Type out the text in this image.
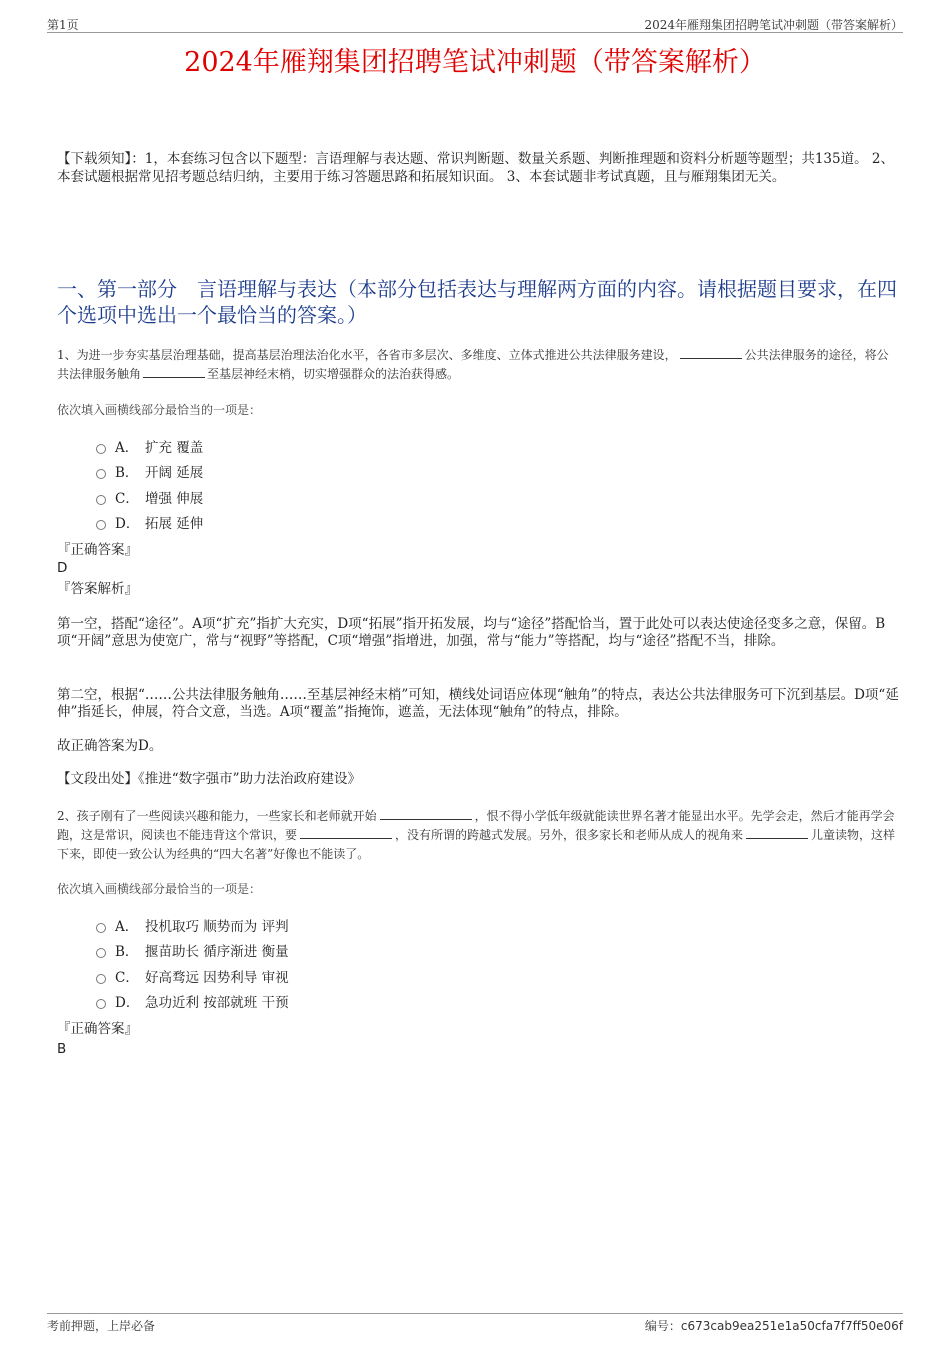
第1页	2024年雁翔集团招聘笔试冲刺题（带答案解析）
2024年雁翔集团招聘笔试冲刺题（带答案解析）
【下载须知】：1，本套练习包含以下题型：言语理解与表达题、常识判断题、数量关系题、判断推理题和资料分析题等题型；共135道。 2、本套试题根据常见招考题总结归纳，主要用于练习答题思路和拓展知识面。 3、本套试题非考试真题，且与雁翔集团无关。
一、第一部分　言语理解与表达（本部分包括表达与理解两方面的内容。请根据题目要求，在四个选项中选出一个最恰当的答案。）
1、为进一步夯实基层治理基础，提高基层治理法治化水平，各省市多层次、多维度、立体式推进公共法律服务建设，	公共法律服务的途径，将公共法律服务触角	至基层神经末梢，切实增强群众的法治获得感。
依次填入画横线部分最恰当的一项是：
A． 扩充 覆盖
B． 开阔 延展
C． 增强 伸展
D． 拓展 延伸
『正确答案』
D
『答案解析』
第一空，搭配“途径”。A项“扩充”指扩大充实，D项“拓展”指开拓发展，均与“途径”搭配恰当，置于此处可以表达使途径变多之意，保留。B项“开阔”意思为使宽广，常与“视野”等搭配，C项“增强”指增进，加强，常与“能力”等搭配，均与“途径”搭配不当，排除。
第二空，根据“……公共法律服务触角……至基层神经末梢”可知，横线处词语应体现“触角”的特点，表达公共法律服务可下沉到基层。D项“延伸”指延长，伸展，符合文意，当选。A项“覆盖”指掩饰，遮盖，无法体现“触角”的特点，排除。
故正确答案为D。
【文段出处】《推进“数字强市”助力法治政府建设》
2、孩子刚有了一些阅读兴趣和能力，一些家长和老师就开始	，恨不得小学低年级就能读世界名著才能显出水平。先学会走，然后才能再学会跑，这是常识，阅读也不能违背这个常识，要	，没有所谓的跨越式发展。另外，很多家长和老师从成人的视角来	儿童读物，这样下来，即使一致公认为经典的“四大名著”好像也不能读了。
依次填入画横线部分最恰当的一项是：
A． 投机取巧 顺势而为 评判
B． 揠苗助长 循序渐进 衡量
C． 好高骛远 因势利导 审视
D． 急功近利 按部就班 干预
『正确答案』
B
考前押题，上岸必备	编号：c673cab9ea251e1a50cfa7f7ff50e06f
